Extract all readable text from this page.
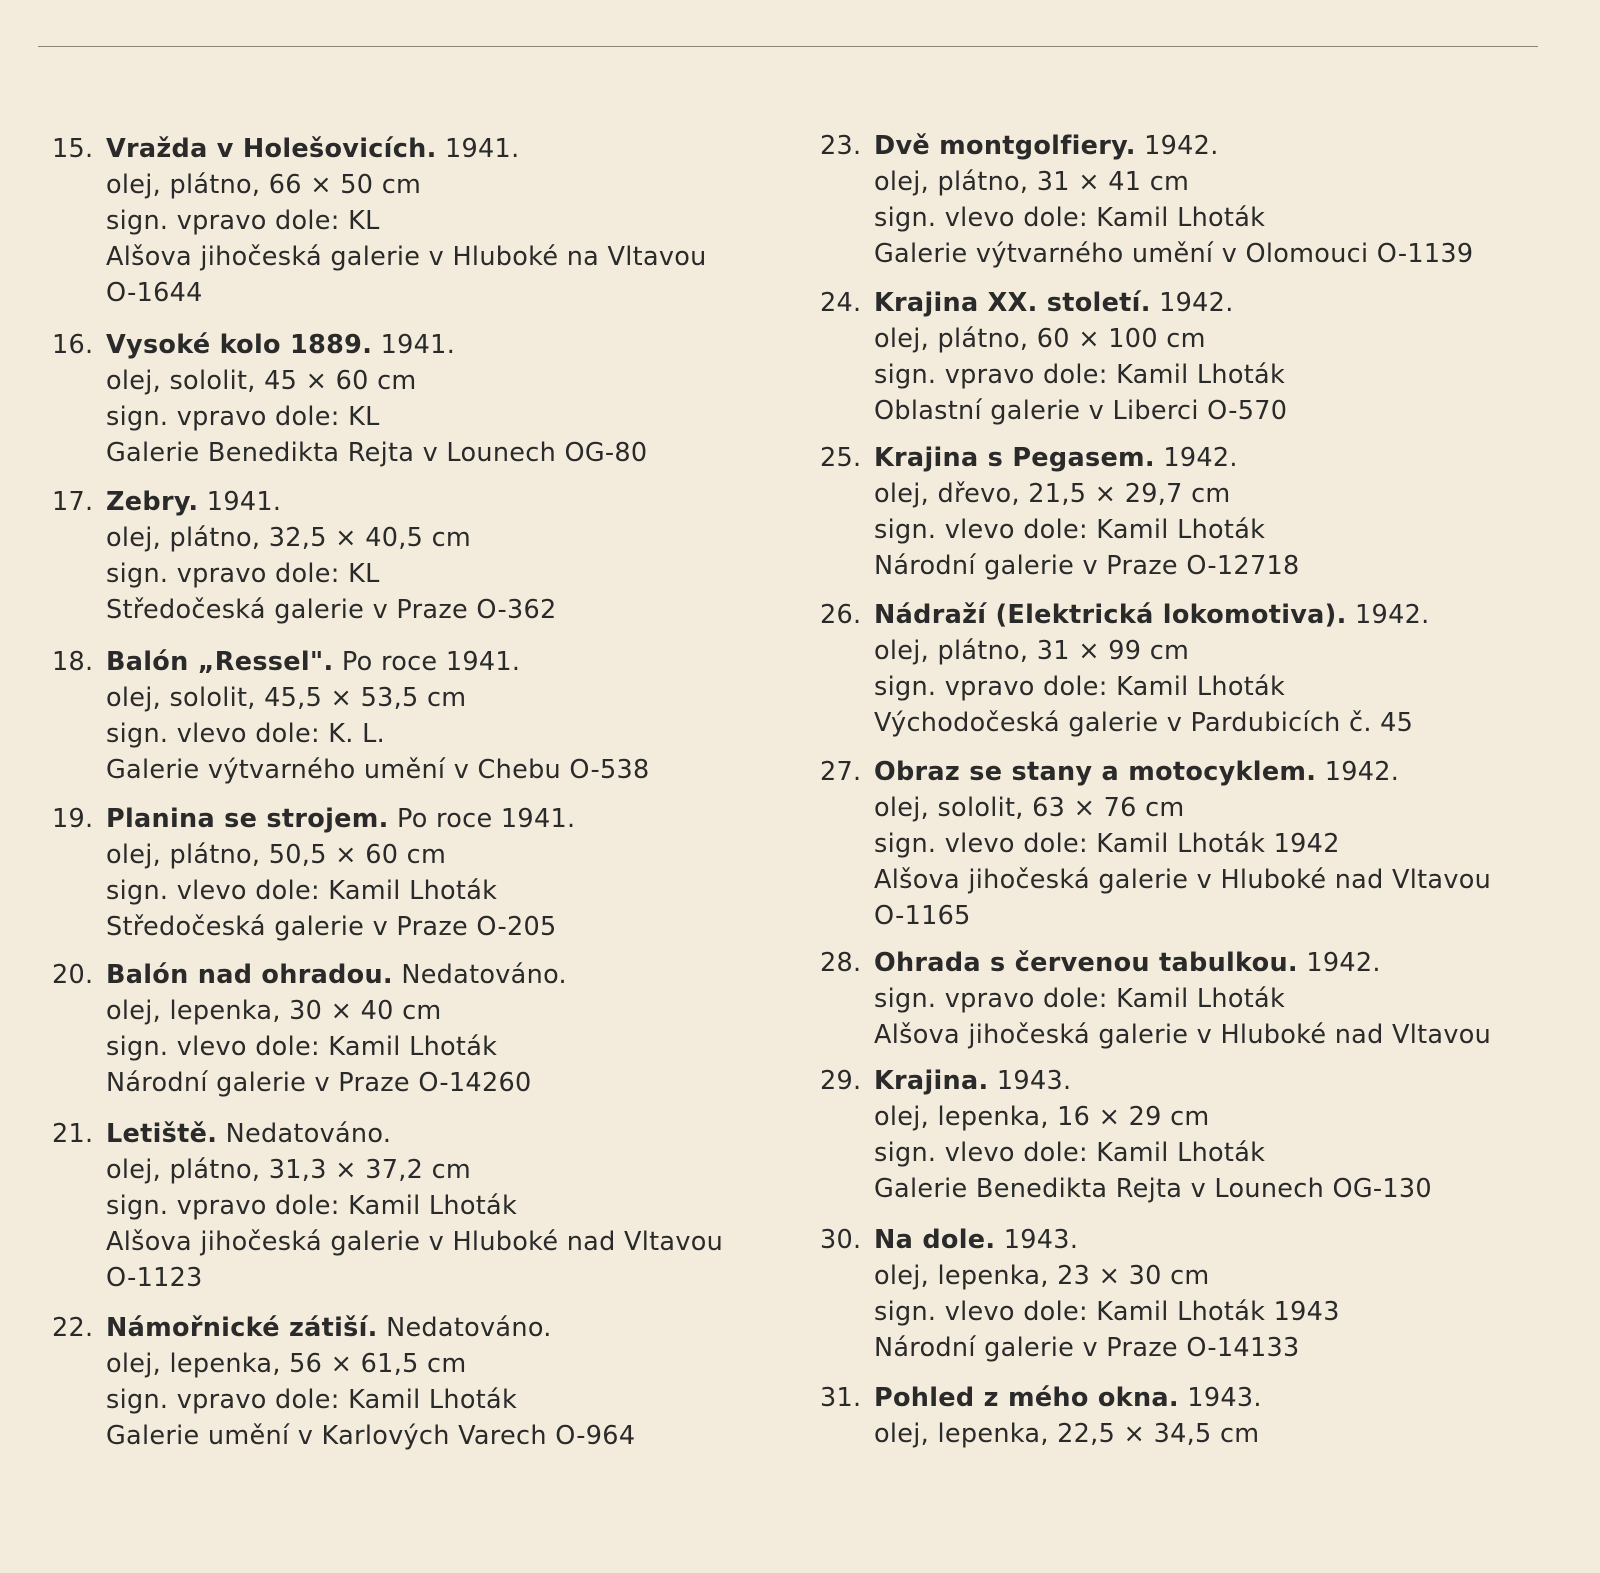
15. Vražda v Holešovicích. 1941.
olej, plátno, 66 × 50 cm
sign. vpravo dole: KL
Alšova jihočeská galerie v Hluboké na Vltavou
O-1644
16. Vysoké kolo 1889. 1941.
olej, sololit, 45 × 60 cm
sign. vpravo dole: KL
Galerie Benedikta Rejta v Lounech OG-80
17. Zebry. 1941.
olej, plátno, 32,5 × 40,5 cm
sign. vpravo dole: KL
Středočeská galerie v Praze O-362
18. Balón „Ressel". Po roce 1941.
olej, sololit, 45,5 × 53,5 cm
sign. vlevo dole: K. L.
Galerie výtvarného umění v Chebu O-538
19. Planina se strojem. Po roce 1941.
olej, plátno, 50,5 × 60 cm
sign. vlevo dole: Kamil Lhoták
Středočeská galerie v Praze O-205
20. Balón nad ohradou. Nedatováno.
olej, lepenka, 30 × 40 cm
sign. vlevo dole: Kamil Lhoták
Národní galerie v Praze O-14260
21. Letiště. Nedatováno.
olej, plátno, 31,3 × 37,2 cm
sign. vpravo dole: Kamil Lhoták
Alšova jihočeská galerie v Hluboké nad Vltavou
O-1123
22. Námořnické zátiší. Nedatováno.
olej, lepenka, 56 × 61,5 cm
sign. vpravo dole: Kamil Lhoták
Galerie umění v Karlových Varech O-964
23. Dvě montgolfiery. 1942.
olej, plátno, 31 × 41 cm
sign. vlevo dole: Kamil Lhoták
Galerie výtvarného umění v Olomouci O-1139
24. Krajina XX. století. 1942.
olej, plátno, 60 × 100 cm
sign. vpravo dole: Kamil Lhoták
Oblastní galerie v Liberci O-570
25. Krajina s Pegasem. 1942.
olej, dřevo, 21,5 × 29,7 cm
sign. vlevo dole: Kamil Lhoták
Národní galerie v Praze O-12718
26. Nádraží (Elektrická lokomotiva). 1942.
olej, plátno, 31 × 99 cm
sign. vpravo dole: Kamil Lhoták
Východočeská galerie v Pardubicích č. 45
27. Obraz se stany a motocyklem. 1942.
olej, sololit, 63 × 76 cm
sign. vlevo dole: Kamil Lhoták 1942
Alšova jihočeská galerie v Hluboké nad Vltavou
O-1165
28. Ohrada s červenou tabulkou. 1942.
sign. vpravo dole: Kamil Lhoták
Alšova jihočeská galerie v Hluboké nad Vltavou
29. Krajina. 1943.
olej, lepenka, 16 × 29 cm
sign. vlevo dole: Kamil Lhoták
Galerie Benedikta Rejta v Lounech OG-130
30. Na dole. 1943.
olej, lepenka, 23 × 30 cm
sign. vlevo dole: Kamil Lhoták 1943
Národní galerie v Praze O-14133
31. Pohled z mého okna. 1943.
olej, lepenka, 22,5 × 34,5 cm
